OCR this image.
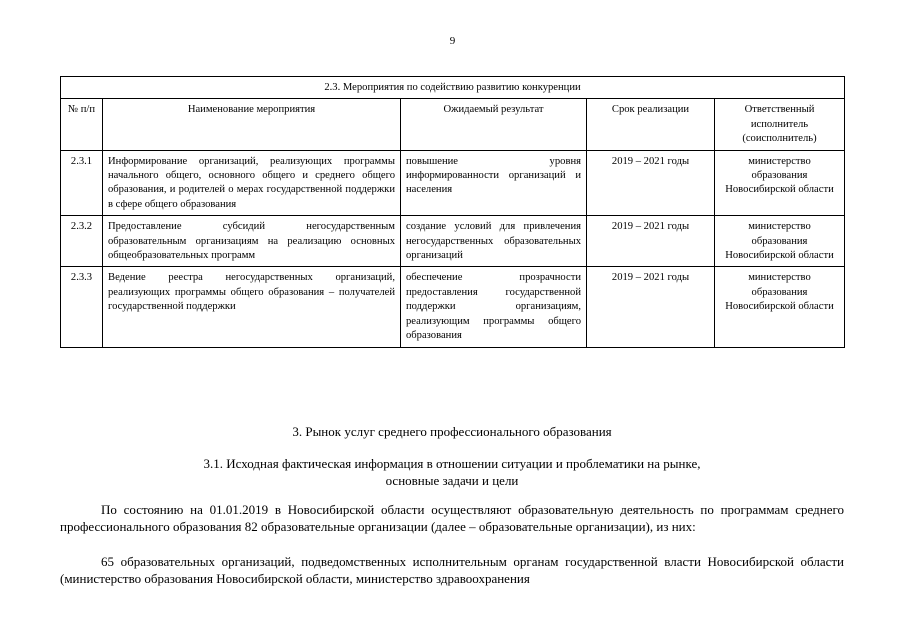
9
2.3. Мероприятия по содействию развитию конкуренции				
№ п/п	Наименование мероприятия	Ожидаемый результат	Срок реализации	Ответственный исполнитель (соисполнитель)
2.3.1	Информирование организаций, реализующих программы начального общего, основного общего и среднего общего образования, и родителей о мерах государственной поддержки в сфере общего образования	повышение уровня информированности организаций и населения	2019 – 2021 годы	министерство образования Новосибирской области
2.3.2	Предоставление субсидий негосударственным образовательным организациям на реализацию основных общеобразовательных программ	создание условий для привлечения негосударственных образовательных организаций	2019 – 2021 годы	министерство образования Новосибирской области
2.3.3	Ведение реестра негосударственных организаций, реализующих программы общего образования – получателей государственной поддержки	обеспечение прозрачности предоставления государственной поддержки организациям, реализующим программы общего образования	2019 – 2021 годы	министерство образования Новосибирской области
3. Рынок услуг среднего профессионального образования
3.1. Исходная фактическая информация в отношении ситуации и проблематики на рынке,
основные задачи и цели
По состоянию на 01.01.2019 в Новосибирской области осуществляют образовательную деятельность по программам среднего профессионального образования 82 образовательные организации (далее – образовательные организации), из них:
65 образовательных организаций, подведомственных исполнительным органам государственной власти Новосибирской области (министерство образования Новосибирской области, министерство здравоохранения
